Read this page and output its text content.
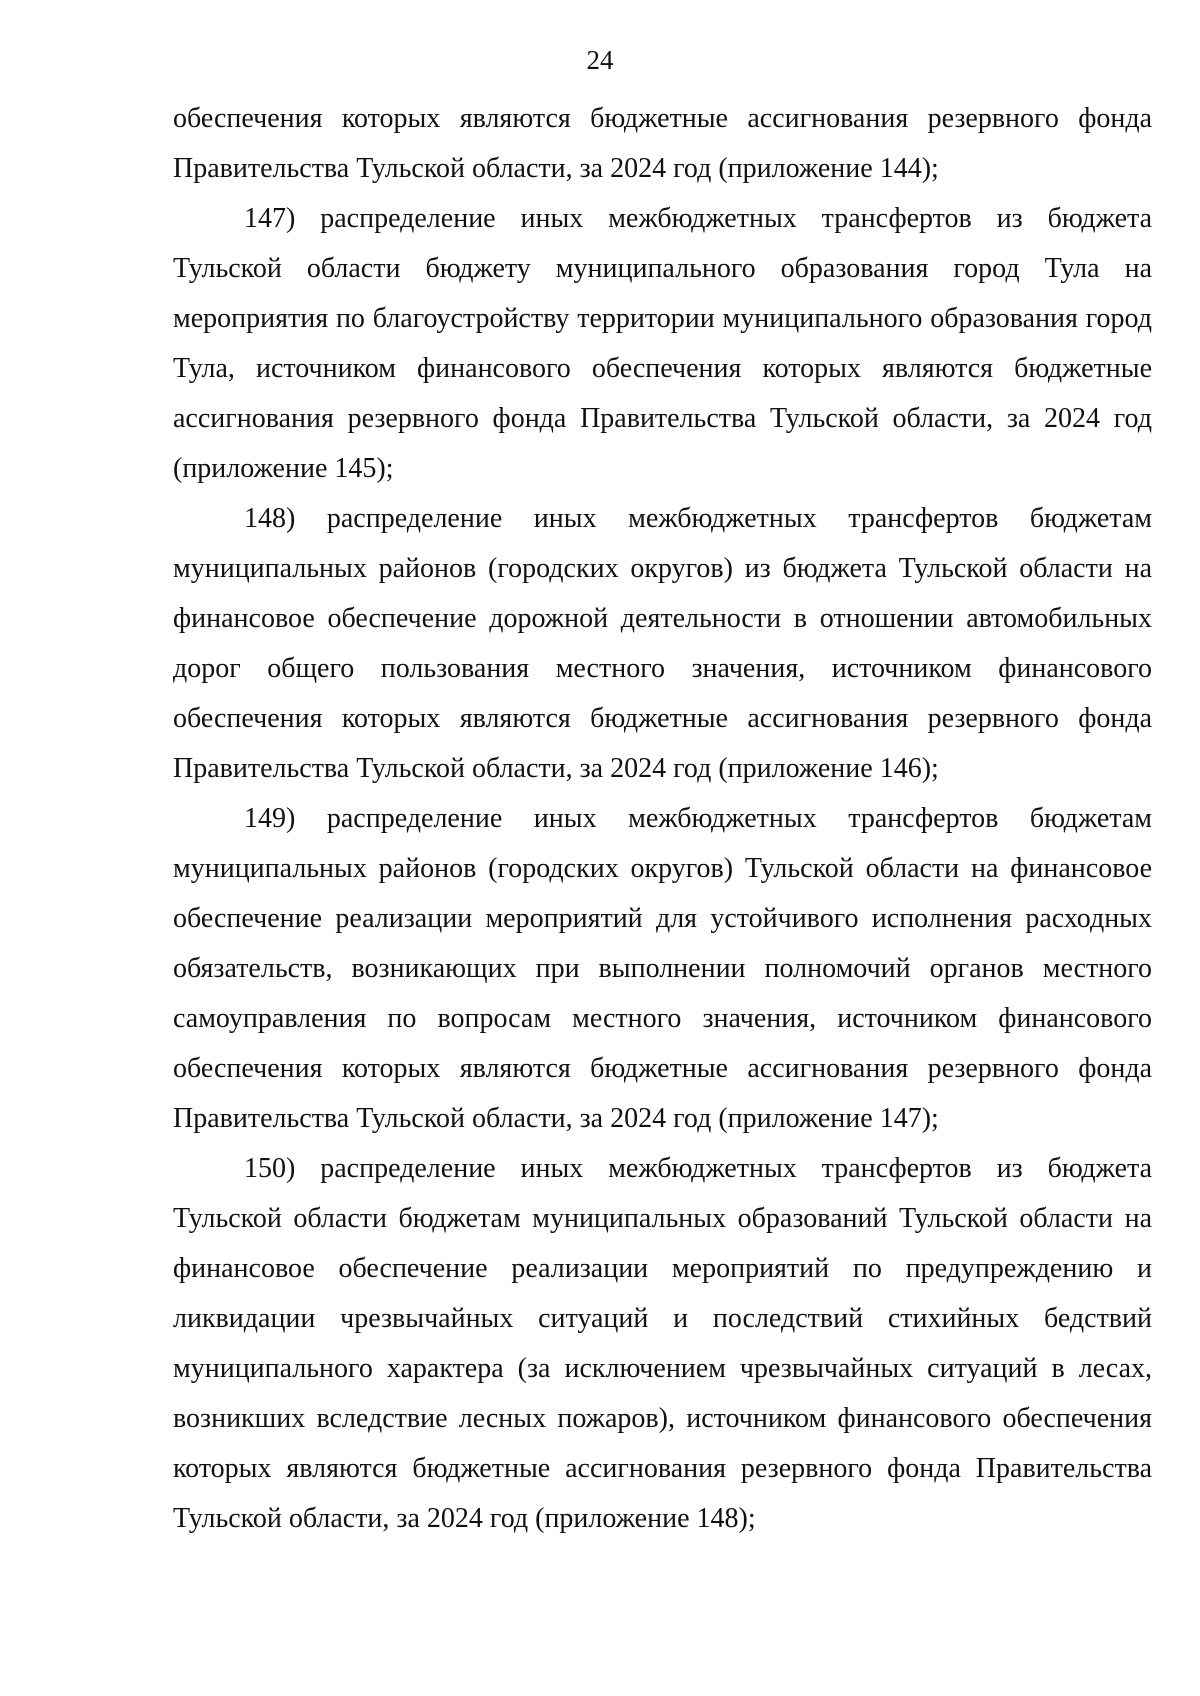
24

обеспечения которых являются бюджетные ассигнования резервного фонда Правительства Тульской области, за 2024 год (приложение 144);

147) распределение иных межбюджетных трансфертов из бюджета Тульской области бюджету муниципального образования город Тула на мероприятия по благоустройству территории муниципального образования город Тула, источником финансового обеспечения которых являются бюджетные ассигнования резервного фонда Правительства Тульской области, за 2024 год (приложение 145);

148) распределение иных межбюджетных трансфертов бюджетам муниципальных районов (городских округов) из бюджета Тульской области на финансовое обеспечение дорожной деятельности в отношении автомобильных дорог общего пользования местного значения, источником финансового обеспечения которых являются бюджетные ассигнования резервного фонда Правительства Тульской области, за 2024 год (приложение 146);

149) распределение иных межбюджетных трансфертов бюджетам муниципальных районов (городских округов) Тульской области на финансовое обеспечение реализации мероприятий для устойчивого исполнения расходных обязательств, возникающих при выполнении полномочий органов местного самоуправления по вопросам местного значения, источником финансового обеспечения которых являются бюджетные ассигнования резервного фонда Правительства Тульской области, за 2024 год (приложение 147);

150) распределение иных межбюджетных трансфертов из бюджета Тульской области бюджетам муниципальных образований Тульской области на финансовое обеспечение реализации мероприятий по предупреждению и ликвидации чрезвычайных ситуаций и последствий стихийных бедствий муниципального характера (за исключением чрезвычайных ситуаций в лесах, возникших вследствие лесных пожаров), источником финансового обеспечения которых являются бюджетные ассигнования резервного фонда Правительства Тульской области, за 2024 год (приложение 148);
